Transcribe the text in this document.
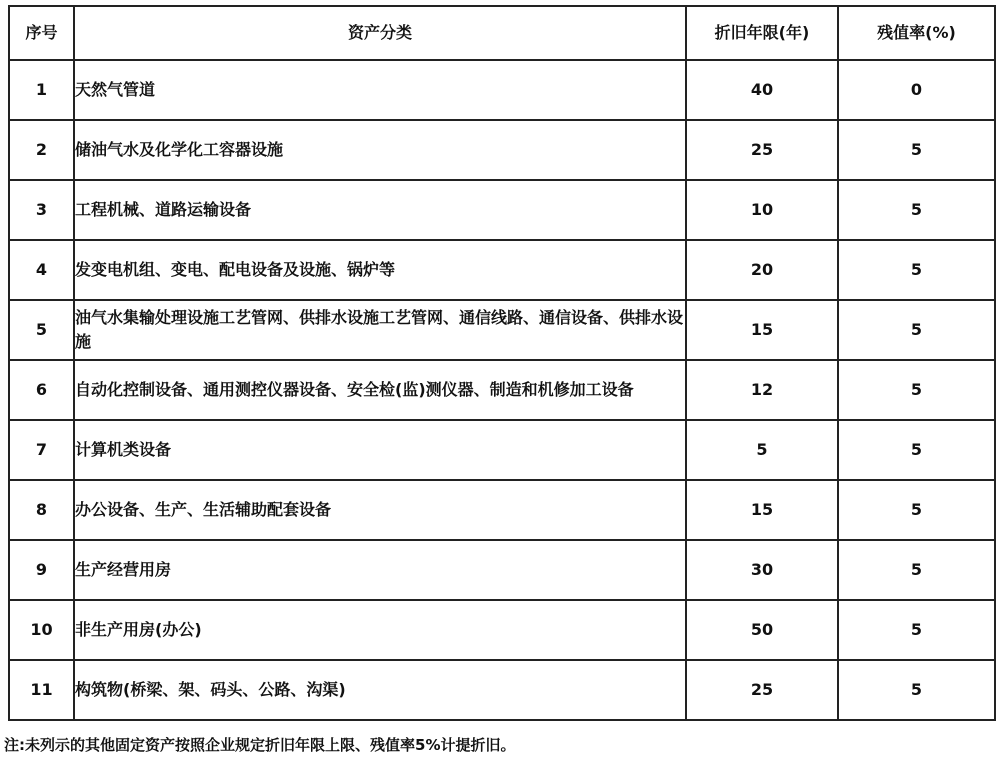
序号	资产分类	折旧年限(年)	残值率(%)
1	天然气管道	40	0
2	储油气水及化学化工容器设施	25	5
3	工程机械、道路运输设备	10	5
4	发变电机组、变电、配电设备及设施、锅炉等	20	5
5	油气水集输处理设施工艺管网、供排水设施工艺管网、通信线路、通信设备、供排水设施	15	5
6	自动化控制设备、通用测控仪器设备、安全检(监)测仪器、制造和机修加工设备	12	5
7	计算机类设备	5	5
8	办公设备、生产、生活辅助配套设备	15	5
9	生产经营用房	30	5
10	非生产用房(办公)	50	5
11	构筑物(桥梁、架、码头、公路、沟渠)	25	5
注:未列示的其他固定资产按照企业规定折旧年限上限、残值率5%计提折旧。
